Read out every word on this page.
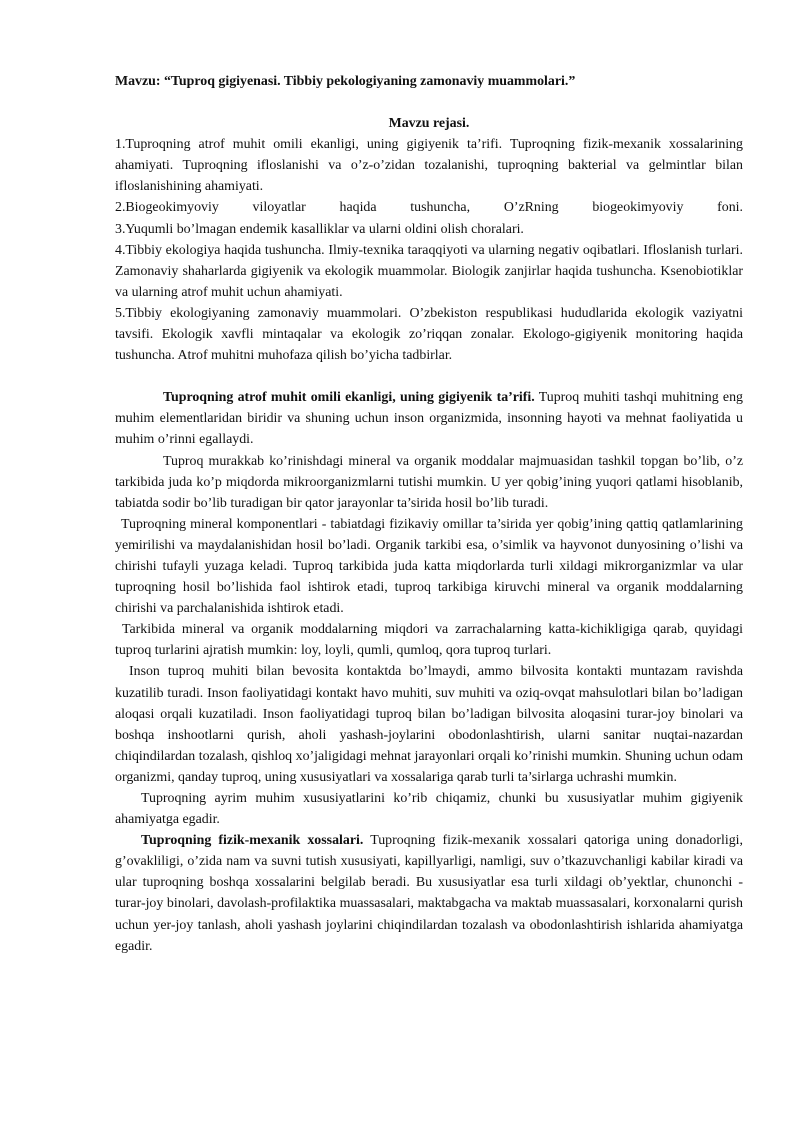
Mavzu: “Tuproq gigiyenasi. Tibbiy pekologiyaning zamonaviy muammolari.”

Mavzu rejasi.

1.Tuproqning atrof muhit omili ekanligi, uning gigiyenik ta’rifi. Tuproqning fizik-mexanik xossalarining ahamiyati. Tuproqning ifloslanishi va o’z-o’zidan tozalanishi, tuproqning bakterial va gelmintlar bilan ifloslanishining ahamiyati.

2.Biogeokimyoviy viloyatlar haqida tushuncha, O’zRning biogeokimyoviy foni.

3.Yuqumli bo’lmagan endemik kasalliklar va ularni oldini olish choralari.

4.Tibbiy ekologiya haqida tushuncha. Ilmiy-texnika taraqqiyoti va ularning negativ oqibatlari. Ifloslanish turlari. Zamonaviy shaharlarda gigiyenik va ekologik muammolar. Biologik zanjirlar haqida tushuncha. Ksenobiotiklar va ularning atrof muhit uchun ahamiyati.

5.Tibbiy ekologiyaning zamonaviy muammolari. O’zbekiston respublikasi hududlarida ekologik vaziyatni tavsifi. Ekologik xavfli mintaqalar va ekologik zo’riqqan zonalar. Ekologo-gigiyenik monitoring haqida tushuncha. Atrof muhitni muhofaza qilish bo’yicha tadbirlar.

Tuproqning atrof muhit omili ekanligi, uning gigiyenik ta’rifi. Tuproq muhiti tashqi muhitning eng muhim elementlaridan biridir va shuning uchun inson organizmida, insonning hayoti va mehnat faoliyatida u muhim o’rinni egallaydi.

Tuproq murakkab ko’rinishdagi mineral va organik moddalar majmuasidan tashkil topgan bo’lib, o’z tarkibida juda ko’p miqdorda mikroorganizmlarni tutishi mumkin. U yer qobig’ining yuqori qatlami hisoblanib, tabiatda sodir bo’lib turadigan bir qator jarayonlar ta’sirida hosil bo’lib turadi.

Tuproqning mineral komponentlari - tabiatdagi fizikaviy omillar ta’sirida yer qobig’ining qattiq qatlamlarining yemirilishi va maydalanishidan hosil bo’ladi. Organik tarkibi esa, o’simlik va hayvonot dunyosining o’lishi va chirishi tufayli yuzaga keladi. Tuproq tarkibida juda katta miqdorlarda turli xildagi mikrorganizmlar va ular tuproqning hosil bo’lishida faol ishtirok etadi, tuproq tarkibiga kiruvchi mineral va organik moddalarning chirishi va parchalanishida ishtirok etadi.

Tarkibida mineral va organik moddalarning miqdori va zarrachalarning katta-kichikligiga qarab, quyidagi tuproq turlarini ajratish mumkin: loy, loyli, qumli, qumloq, qora tuproq turlari.

Inson tuproq muhiti bilan bevosita kontaktda bo’lmaydi, ammo bilvosita kontakti muntazam ravishda kuzatilib turadi. Inson faoliyatidagi kontakt havo muhiti, suv muhiti va oziq-ovqat mahsulotlari bilan bo’ladigan aloqasi orqali kuzatiladi. Inson faoliyatidagi tuproq bilan bo’ladigan bilvosita aloqasini turar-joy binolari va boshqa inshootlarni qurish, aholi yashash-joylarini obodonlashtirish, ularni sanitar nuqtai-nazardan chiqindilardan tozalash, qishloq xo’jaligidagi mehnat jarayonlari orqali ko’rinishi mumkin. Shuning uchun odam organizmi, qanday tuproq, uning xususiyatlari va xossalariga qarab turli ta’sirlarga uchrashi mumkin.

Tuproqning ayrim muhim xususiyatlarini ko’rib chiqamiz, chunki bu xususiyatlar muhim gigiyenik ahamiyatga egadir.

Tuproqning fizik-mexanik xossalari. Tuproqning fizik-mexanik xossalari qatoriga uning donadorligi, g’ovakliligi, o’zida nam va suvni tutish xususiyati, kapillyarligi, namligi, suv o’tkazuvchanligi kabilar kiradi va ular tuproqning boshqa xossalarini belgilab beradi. Bu xususiyatlar esa turli xildagi ob’yektlar, chunonchi - turar-joy binolari, davolash-profilaktika muassasalari, maktabgacha va maktab muassasalari, korxonalarni qurish uchun yer-joy tanlash, aholi yashash joylarini chiqindilardan tozalash va obodonlashtirish ishlarida ahamiyatga egadir.
